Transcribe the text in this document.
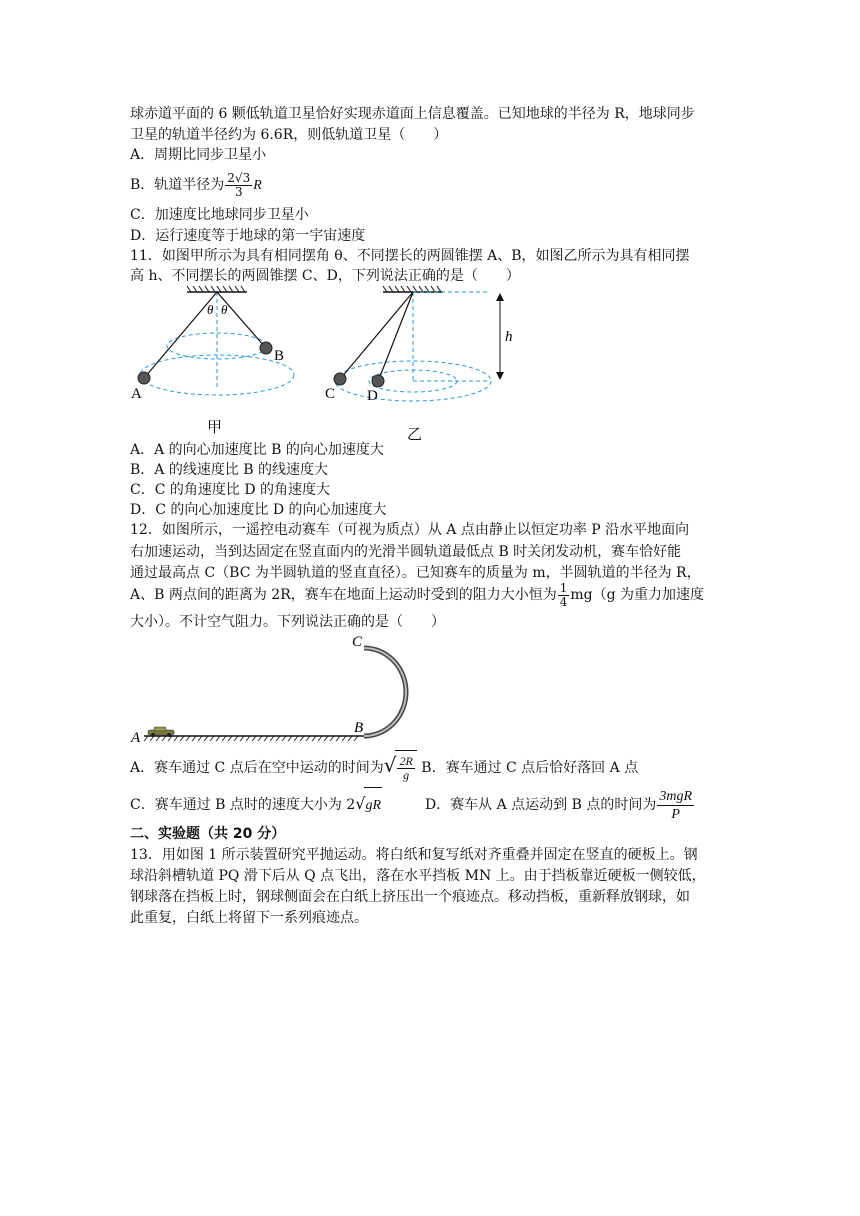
球赤道平面的 6 颗低轨道卫星恰好实现赤道面上信息覆盖。已知地球的半径为 R，地球同步
卫星的轨道半径约为 6.6R，则低轨道卫星（　　）
A．周期比同步卫星小
B．轨道半径为 $\frac{2√3}{3}$ R
C．加速度比地球同步卫星小
D．运行速度等于地球的第一宇宙速度
11．如图甲所示为具有相同摆角 θ、不同摆长的两圆锥摆 A、B，如图乙所示为具有相同摆
高 h、不同摆长的两圆锥摆 C、D，下列说法正确的是（　　）
θ θ
A
B
甲
h
C D
乙
A．A 的向心加速度比 B 的向心加速度大
B．A 的线速度比 B 的线速度大
C．C 的角速度比 D 的角速度大
D．C 的向心加速度比 D 的向心加速度大
12．如图所示，一遥控电动赛车（可视为质点）从 A 点由静止以恒定功率 P 沿水平地面向
右加速运动，当到达固定在竖直面内的光滑半圆轨道最低点 B 时关闭发动机，赛车恰好能
通过最高点 C（BC 为半圆轨道的竖直直径）。已知赛车的质量为 m，半圆轨道的半径为 R，
A、B 两点间的距离为 2R，赛车在地面上运动时受到的阻力大小恒为 $\frac{1}{4} mg(g$ 为重力加速度
大小）。不计空气阻力。下列说法正确的是（　　）
A
B
C
A．赛车通过 C 点后在空中运动的时间为√ $\frac{2R}{g}$ B．赛车通过 C 点后恰好落回 A 点
C．赛车通过 B 点时的速度大小为 2√gR	D．赛车从 A 点运动到 B 点的时间为 $\frac{\text{3mgR}}{P}$
二、实验题（共 20 分）
13．用如图 1 所示装置研究平抛运动。将白纸和复写纸对齐重叠并固定在竖直的硬板上。钢
球沿斜槽轨道 PQ 滑下后从 Q 点飞出，落在水平挡板 MN 上。由于挡板靠近硬板一侧较低，
钢球落在挡板上时，钢球侧面会在白纸上挤压出一个痕迹点。移动挡板，重新释放钢球，如
此重复，白纸上将留下一系列痕迹点。
